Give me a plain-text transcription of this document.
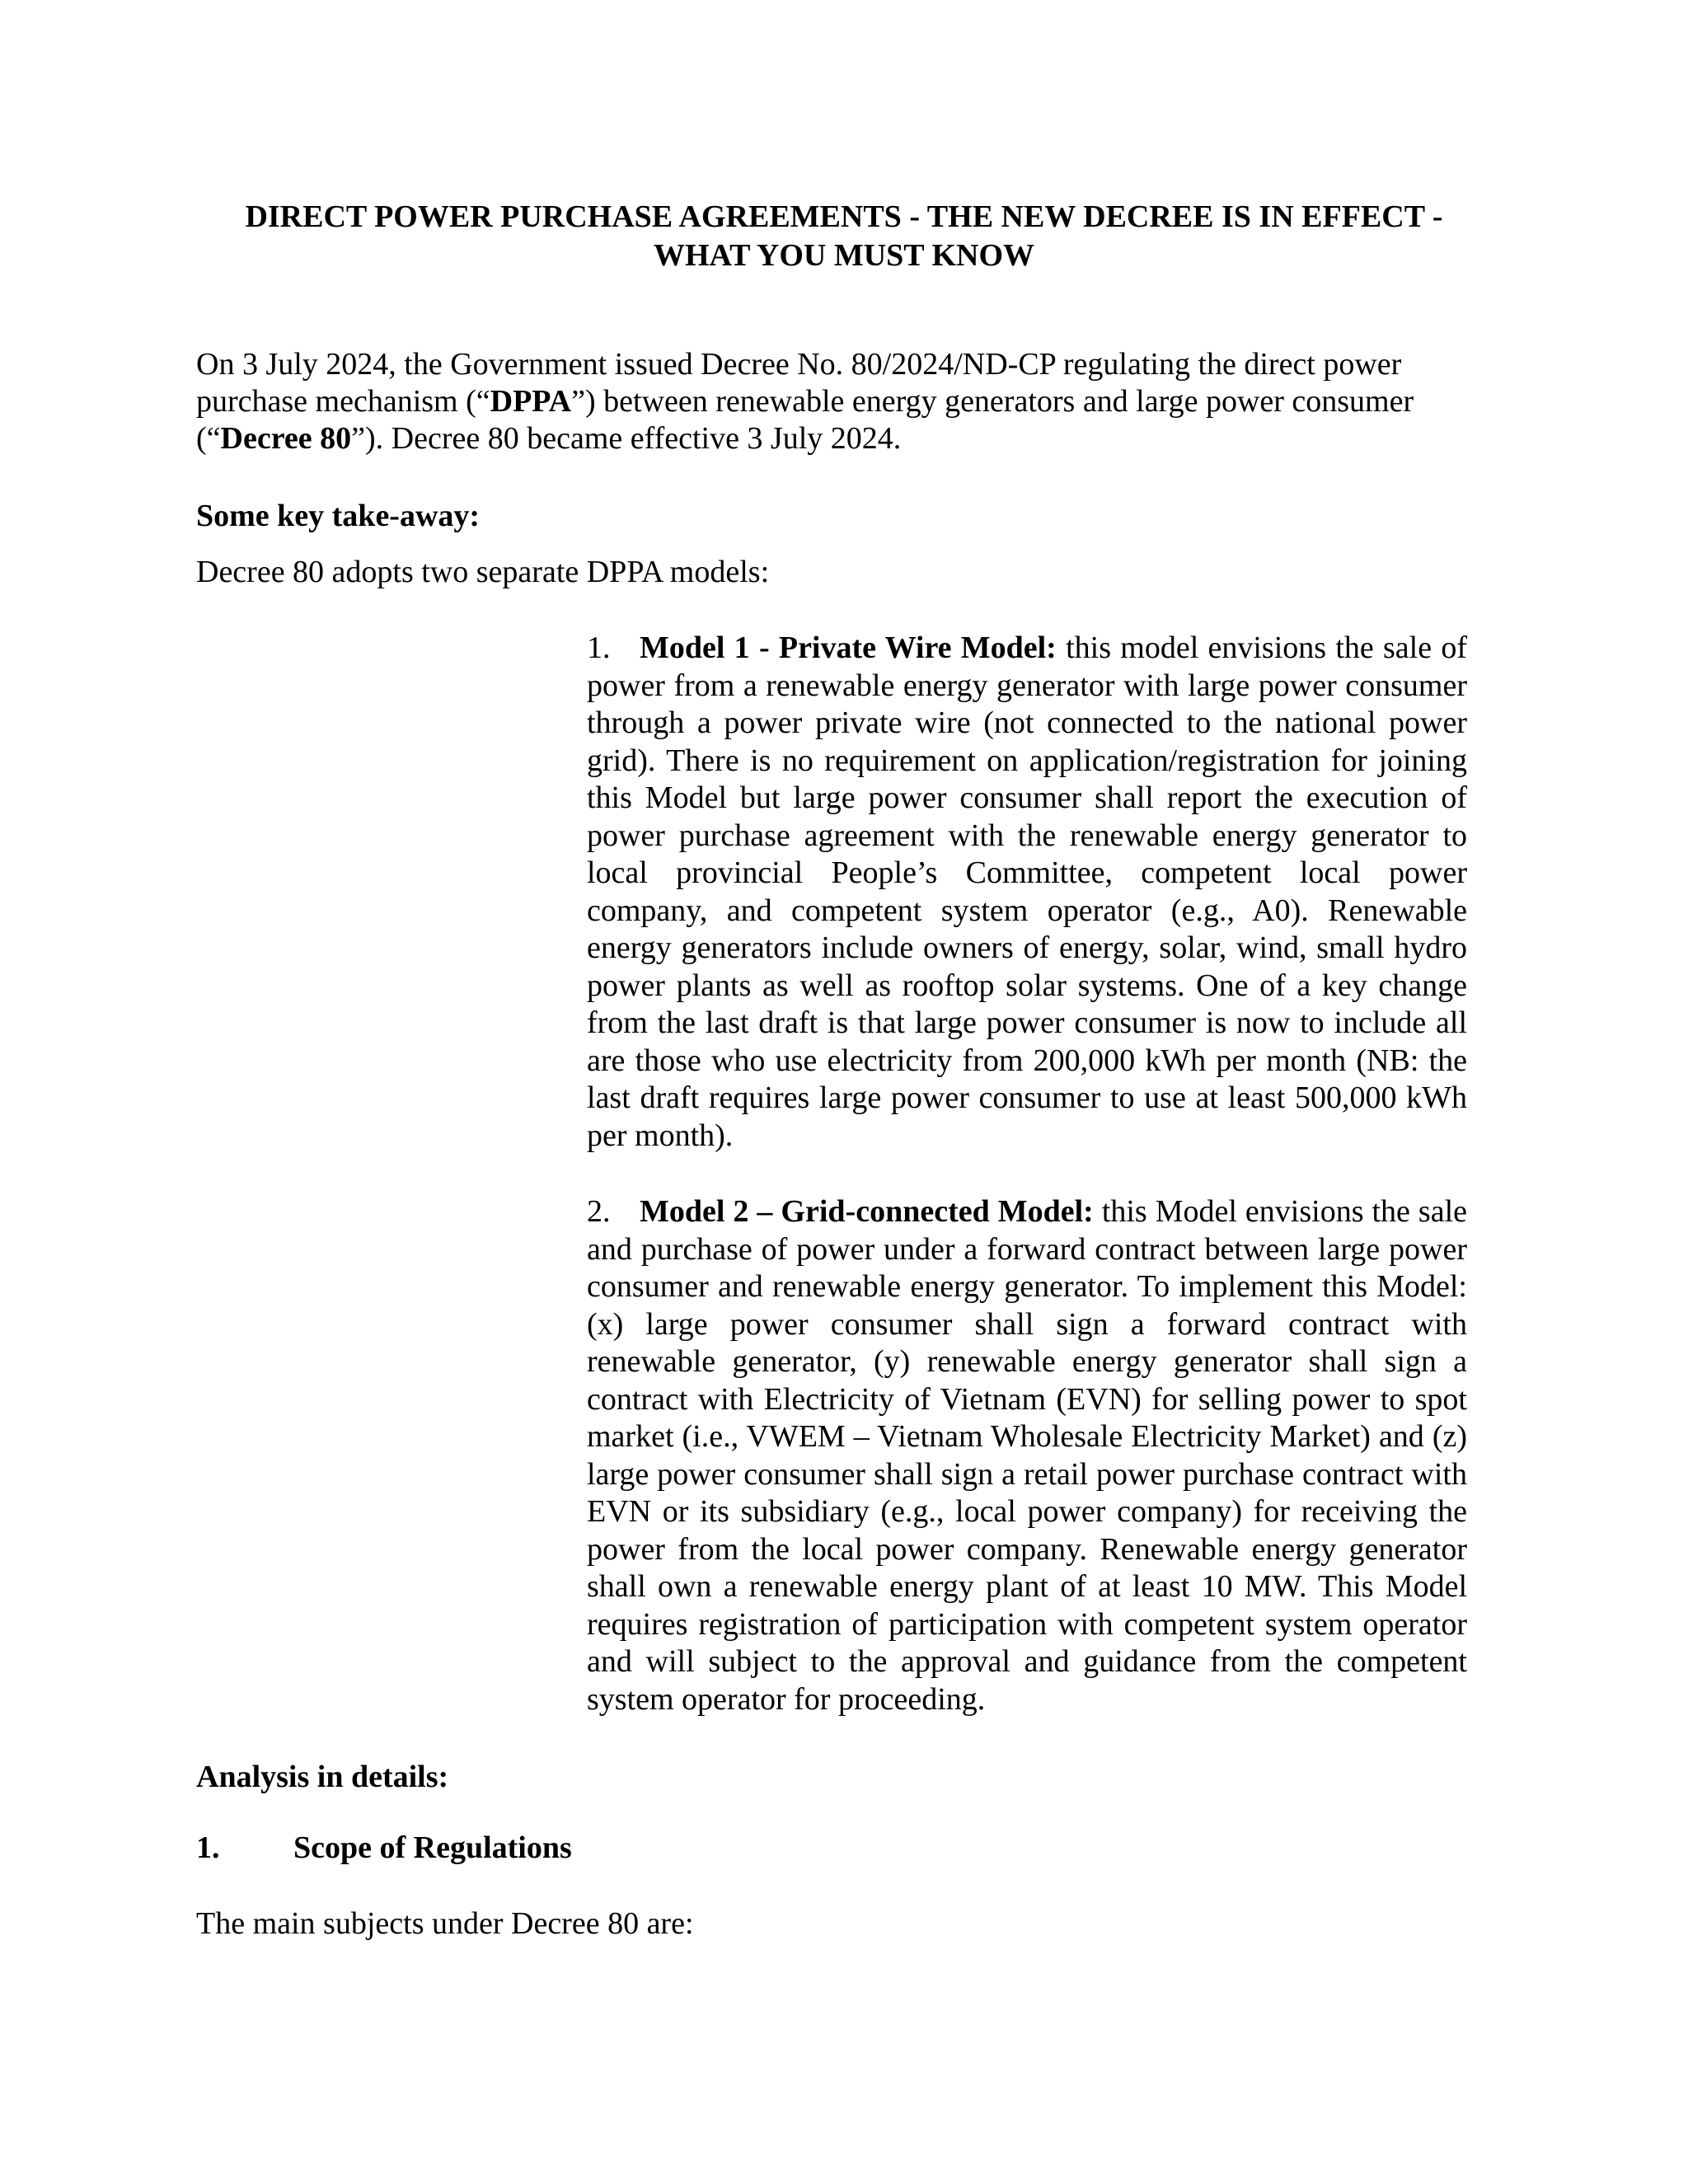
DIRECT POWER PURCHASE AGREEMENTS - THE NEW DECREE IS IN EFFECT -
WHAT YOU MUST KNOW

On 3 July 2024, the Government issued Decree No. 80/2024/ND-CP regulating the direct power purchase mechanism (“DPPA”) between renewable energy generators and large power consumer (“Decree 80”). Decree 80 became effective 3 July 2024.

Some key take-away:

Decree 80 adopts two separate DPPA models:

1. Model 1 - Private Wire Model: this model envisions the sale of power from a renewable energy generator with large power consumer through a power private wire (not connected to the national power grid). There is no requirement on application/registration for joining this Model but large power consumer shall report the execution of power purchase agreement with the renewable energy generator to local provincial People’s Committee, competent local power company, and competent system operator (e.g., A0). Renewable energy generators include owners of energy, solar, wind, small hydro power plants as well as rooftop solar systems. One of a key change from the last draft is that large power consumer is now to include all are those who use electricity from 200,000 kWh per month (NB: the last draft requires large power consumer to use at least 500,000 kWh per month).

2. Model 2 – Grid-connected Model: this Model envisions the sale and purchase of power under a forward contract between large power consumer and renewable energy generator. To implement this Model: (x) large power consumer shall sign a forward contract with renewable generator, (y) renewable energy generator shall sign a contract with Electricity of Vietnam (EVN) for selling power to spot market (i.e., VWEM – Vietnam Wholesale Electricity Market) and (z) large power consumer shall sign a retail power purchase contract with EVN or its subsidiary (e.g., local power company) for receiving the power from the local power company. Renewable energy generator shall own a renewable energy plant of at least 10 MW. This Model requires registration of participation with competent system operator and will subject to the approval and guidance from the competent system operator for proceeding.

Analysis in details:

1. Scope of Regulations

The main subjects under Decree 80 are:
